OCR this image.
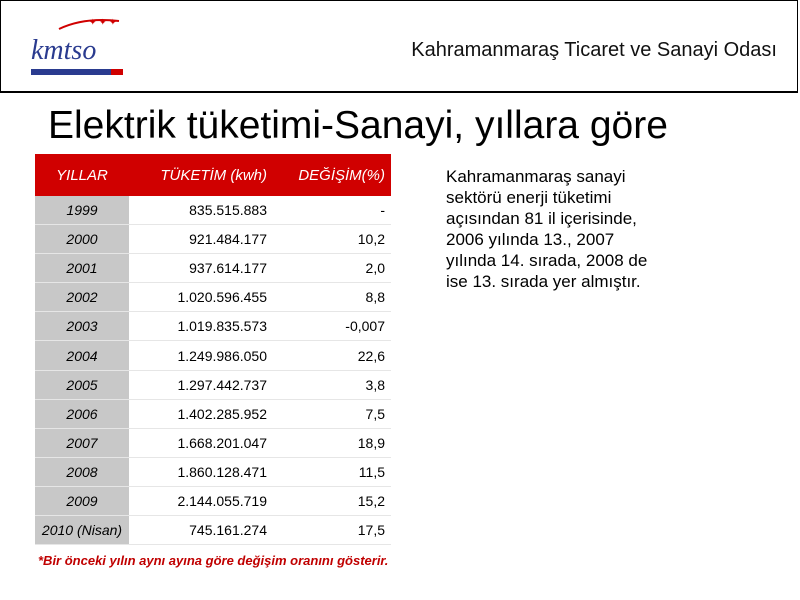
✦ ✦ ✦
kmtso	Kahramanmaraş Ticaret ve Sanayi Odası
Elektrik tüketimi-Sanayi, yıllara göre
YILLAR	TÜKETİM (kwh)	DEĞİŞİM(%)
1999	835.515.883	-
2000	921.484.177	10,2
2001	937.614.177	2,0
2002	1.020.596.455	8,8
2003	1.019.835.573	-0,007
2004	1.249.986.050	22,6
2005	1.297.442.737	3,8
2006	1.402.285.952	7,5
2007	1.668.201.047	18,9
2008	1.860.128.471	11,5
2009	2.144.055.719	15,2
2010 (Nisan)	745.161.274	17,5
Kahramanmaraş sanayi sektörü enerji tüketimi açısından 81 il içerisinde, 2006 yılında 13., 2007 yılında 14. sırada, 2008 de ise 13. sırada yer almıştır.
*Bir önceki yılın aynı ayına göre değişim oranını gösterir.
